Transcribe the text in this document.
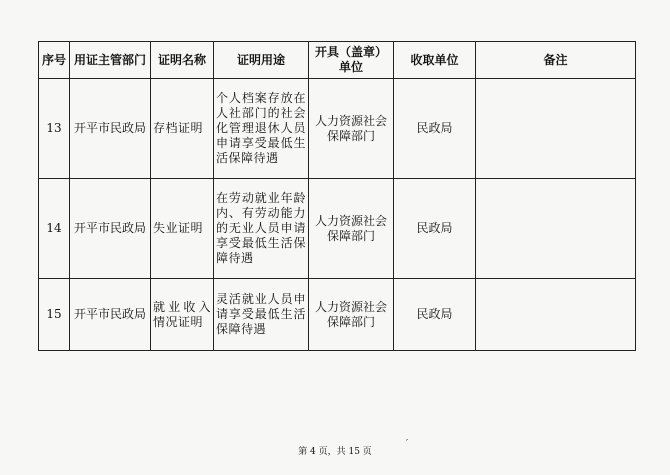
序号	用证主管部门	证明名称	证明用途	开具（盖章）单位	收取单位	备注
13	开平市民政局	存档证明	个人档案存放在人社部门的社会化管理退休人员申请享受最低生活保障待遇	人力资源社会保障部门	民政局	
14	开平市民政局	失业证明	在劳动就业年龄内、有劳动能力的无业人员申请享受最低生活保障待遇	人力资源社会保障部门	民政局	
15	开平市民政局	就业收入情况证明	灵活就业人员申请享受最低生活保障待遇	人力资源社会保障部门	民政局	
第 4 页，共 15 页
′
